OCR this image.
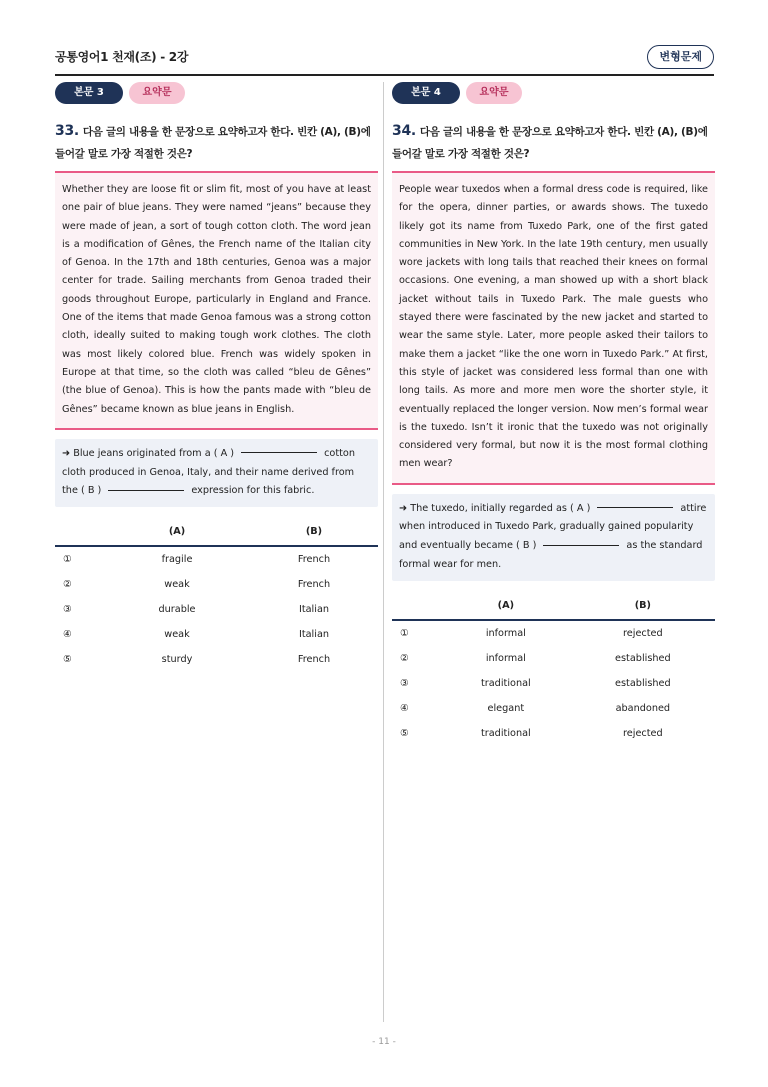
공통영어1 천재(조) - 2강	변형문제
본문 3	요약문
33. 다음 글의 내용을 한 문장으로 요약하고자 한다. 빈칸 (A), (B)에 들어갈 말로 가장 적절한 것은?
Whether they are loose fit or slim fit, most of you have at least one pair of blue jeans. They were named “jeans” because they were made of jean, a sort of tough cotton cloth. The word jean is a modification of Gênes, the French name of the Italian city of Genoa. In the 17th and 18th centuries, Genoa was a major center for trade. Sailing merchants from Genoa traded their goods throughout Europe, particularly in England and France. One of the items that made Genoa famous was a strong cotton cloth, ideally suited to making tough work clothes. The cloth was most likely colored blue. French was widely spoken in Europe at that time, so the cloth was called “bleu de Gênes” (the blue of Genoa). This is how the pants made with “bleu de Gênes” became known as blue jeans in English.
➜ Blue jeans originated from a ( A )	cotton cloth produced in Genoa, Italy, and their name derived from the ( B )	expression for this fabric.
	(A)	(B)
①	fragile	French
②	weak	French
③	durable	Italian
④	weak	Italian
⑤	sturdy	French
본문 4	요약문
34. 다음 글의 내용을 한 문장으로 요약하고자 한다. 빈칸 (A), (B)에 들어갈 말로 가장 적절한 것은?
People wear tuxedos when a formal dress code is required, like for the opera, dinner parties, or awards shows. The tuxedo likely got its name from Tuxedo Park, one of the first gated communities in New York. In the late 19th century, men usually wore jackets with long tails that reached their knees on formal occasions. One evening, a man showed up with a short black jacket without tails in Tuxedo Park. The male guests who stayed there were fascinated by the new jacket and started to wear the same style. Later, more people asked their tailors to make them a jacket “like the one worn in Tuxedo Park.” At first, this style of jacket was considered less formal than one with long tails. As more and more men wore the shorter style, it eventually replaced the longer version. Now men’s formal wear is the tuxedo. Isn’t it ironic that the tuxedo was not originally considered very formal, but now it is the most formal clothing men wear?
➜ The tuxedo, initially regarded as ( A )	attire when introduced in Tuxedo Park, gradually gained popularity and eventually became ( B )	as the standard formal wear for men.
	(A)	(B)
①	informal	rejected
②	informal	established
③	traditional	established
④	elegant	abandoned
⑤	traditional	rejected
- 11 -
